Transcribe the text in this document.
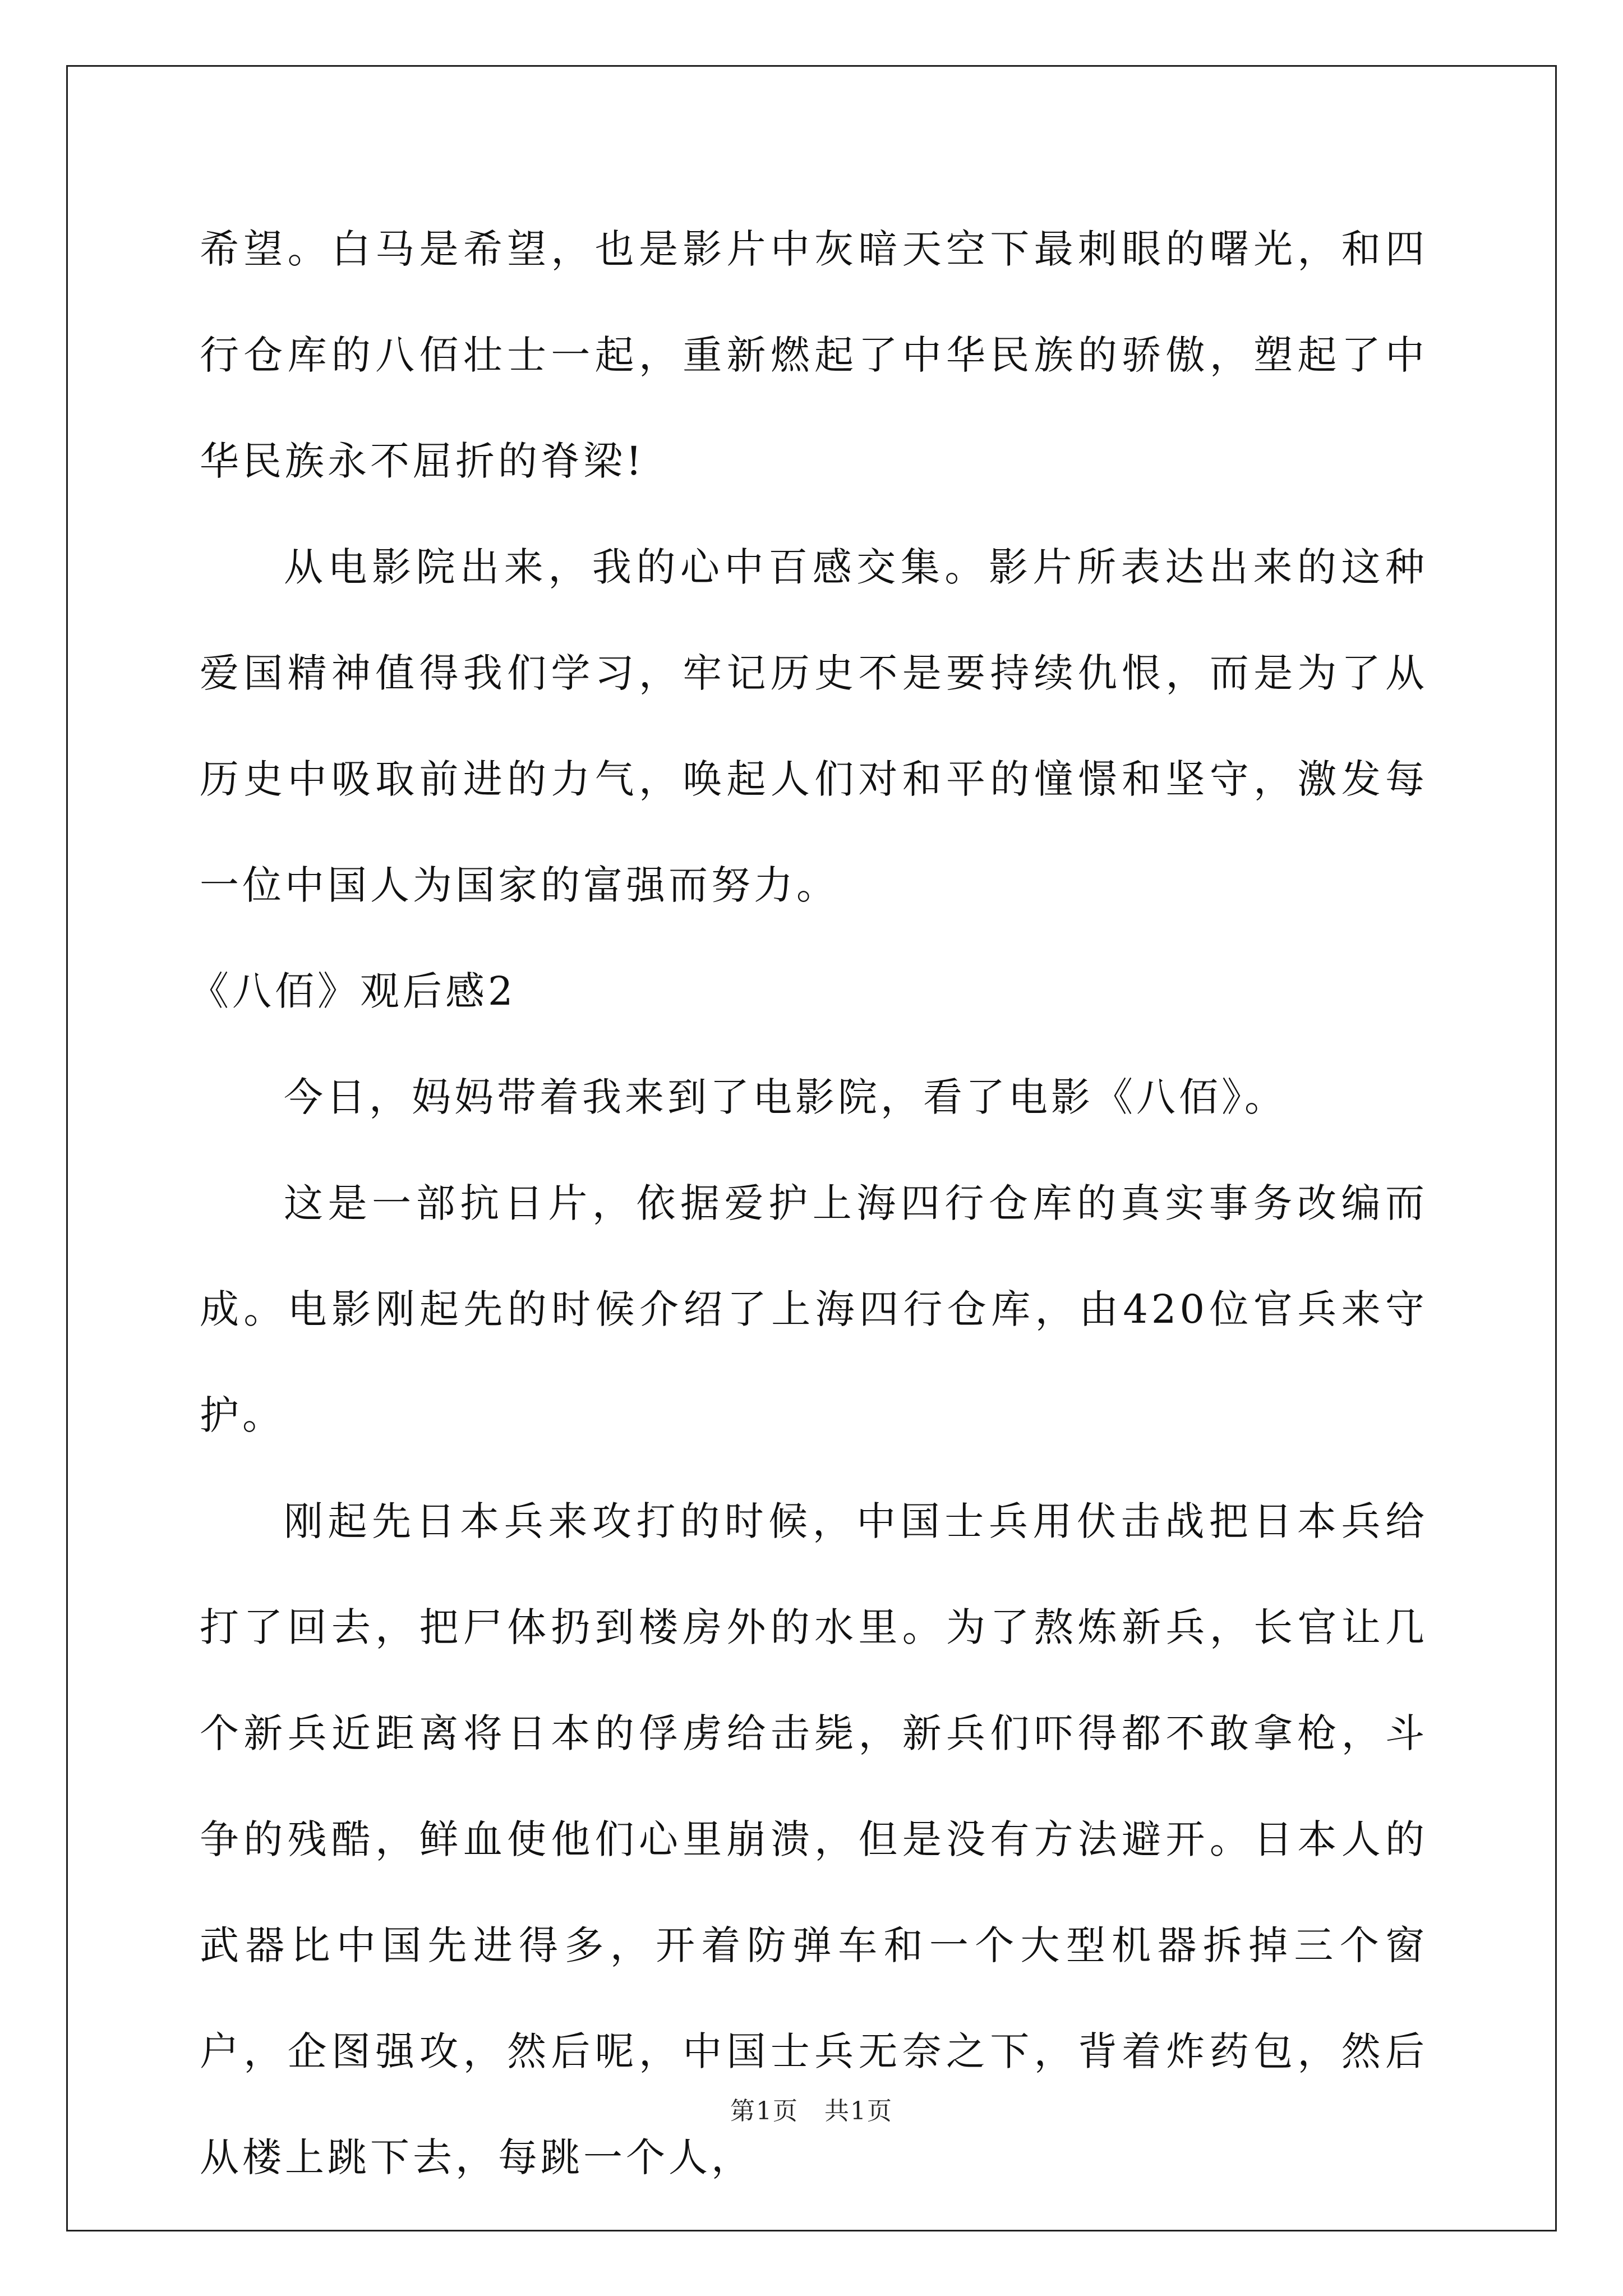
希望。白马是希望，也是影片中灰暗天空下最刺眼的曙光，和四行仓库的八佰壮士一起，重新燃起了中华民族的骄傲，塑起了中华民族永不屈折的脊梁!

从电影院出来，我的心中百感交集。影片所表达出来的这种爱国精神值得我们学习，牢记历史不是要持续仇恨，而是为了从历史中吸取前进的力气，唤起人们对和平的憧憬和坚守，激发每一位中国人为国家的富强而努力。

《八佰》观后感2

今日，妈妈带着我来到了电影院，看了电影《八佰》。

这是一部抗日片，依据爱护上海四行仓库的真实事务改编而成。电影刚起先的时候介绍了上海四行仓库，由420位官兵来守护。

刚起先日本兵来攻打的时候，中国士兵用伏击战把日本兵给打了回去，把尸体扔到楼房外的水里。为了熬炼新兵，长官让几个新兵近距离将日本的俘虏给击毙，新兵们吓得都不敢拿枪，斗争的残酷，鲜血使他们心里崩溃，但是没有方法避开。日本人的武器比中国先进得多，开着防弹车和一个大型机器拆掉三个窗户，企图强攻，然后呢，中国士兵无奈之下，背着炸药包，然后从楼上跳下去，每跳一个人，

第1页　共1页
